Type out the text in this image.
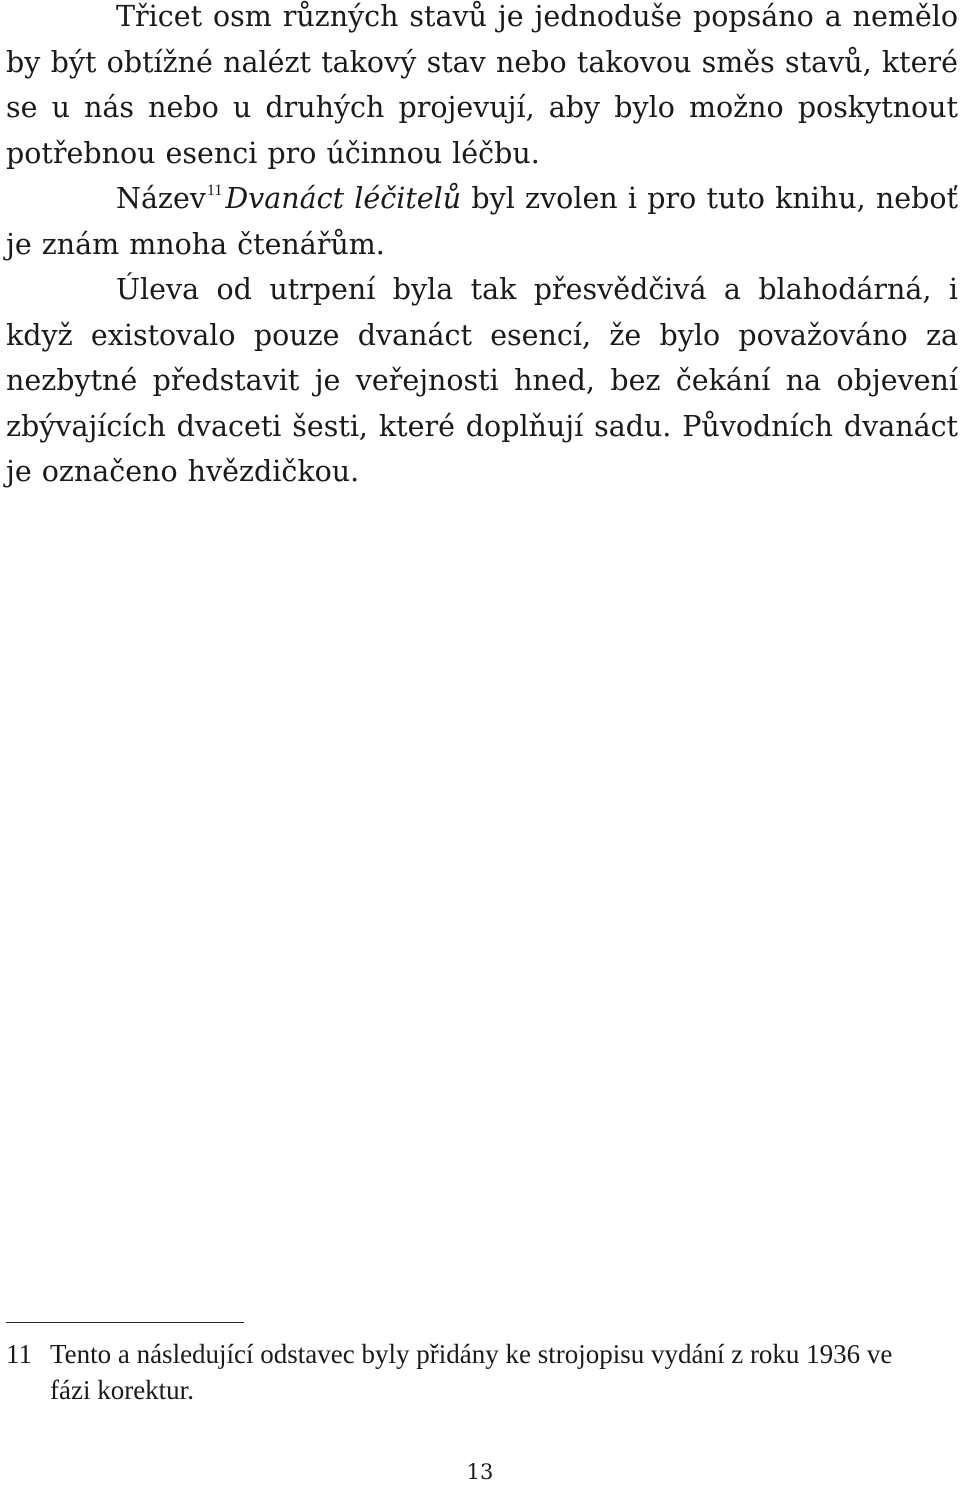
Třicet osm různých stavů je jednoduše popsáno a nemělo by být obtížné nalézt takový stav nebo takovou směs stavů, které se u nás nebo u druhých projevují, aby bylo možno poskytnout potřebnou esenci pro účinnou léčbu.

Název$^{11}$ Dvanáct léčitelů byl zvolen i pro tuto knihu, neboť je znám mnoha čtenářům.

Úleva od utrpení byla tak přesvědčivá a blahodárná, i když existovalo pouze dvanáct esencí, že bylo považováno za nezbytné představit je veřejnosti hned, bez čekání na objevení zbývajících dvaceti šesti, které doplňují sadu. Původních dvanáct je označeno hvězdičkou.

11 Tento a následující odstavec byly přidány ke strojopisu vydání z roku 1936 ve fázi korektur.
13
